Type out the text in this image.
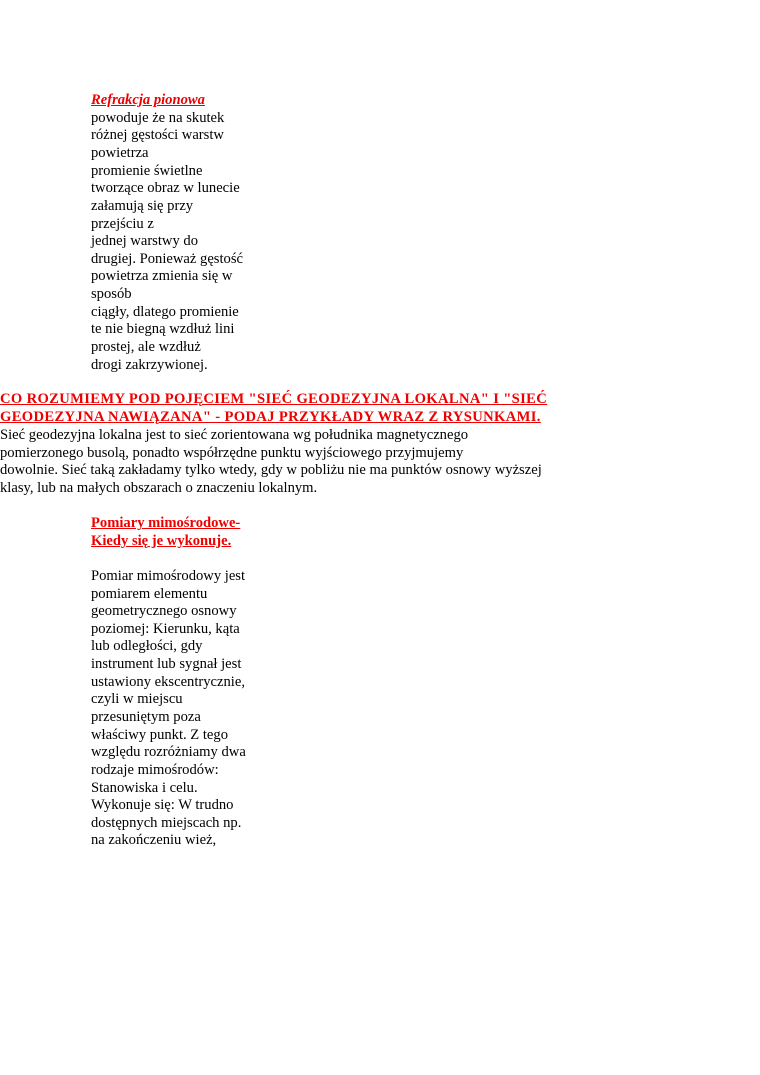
Refrakcja pionowa
powoduje że na skutek
różnej gęstości warstw
powietrza
promienie świetlne
tworzące obraz w lunecie
załamują się przy
przejściu z
jednej warstwy do
drugiej. Ponieważ gęstość
powietrza zmienia się w
sposób
ciągły, dlatego promienie
te nie biegną wzdłuż lini
prostej, ale wzdłuż
drogi zakrzywionej.
CO ROZUMIEMY POD POJĘCIEM "SIEĆ GEODEZYJNA LOKALNA" I "SIEĆ
GEODEZYJNA NAWIĄZANA" - PODAJ PRZYKŁADY WRAZ Z RYSUNKAMI.
Sieć geodezyjna lokalna jest to sieć zorientowana wg południka magnetycznego
pomierzonego busolą, ponadto współrzędne punktu wyjściowego przyjmujemy
dowolnie. Sieć taką zakładamy tylko wtedy, gdy w pobliżu nie ma punktów osnowy wyższej
klasy, lub na małych obszarach o znaczeniu lokalnym.
Pomiary mimośrodowe-
Kiedy się je wykonuje.
Pomiar mimośrodowy jest
pomiarem elementu
geometrycznego osnowy
poziomej: Kierunku, kąta
lub odległości, gdy
instrument lub sygnał jest
ustawiony ekscentrycznie,
czyli w miejscu
przesuniętym poza
właściwy punkt. Z tego
względu rozróżniamy dwa
rodzaje mimośrodów:
Stanowiska i celu.
Wykonuje się: W trudno
dostępnych miejscach np.
na zakończeniu wież,
